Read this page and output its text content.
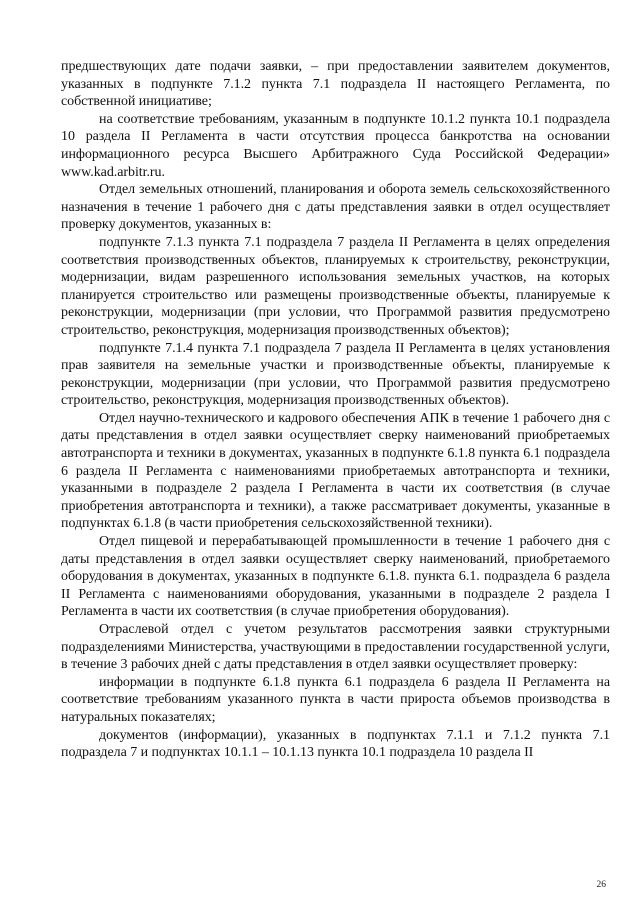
предшествующих дате подачи заявки, – при предоставлении заявителем документов, указанных в подпункте 7.1.2 пункта 7.1 подраздела II настоящего Регламента, по собственной инициативе;

на соответствие требованиям, указанным в подпункте 10.1.2 пункта 10.1 подраздела 10 раздела II Регламента в части отсутствия процесса банкротства на основании информационного ресурса Высшего Арбитражного Суда Российской Федерации» www.kad.arbitr.ru.

Отдел земельных отношений, планирования и оборота земель сельскохозяйственного назначения в течение 1 рабочего дня с даты представления заявки в отдел осуществляет проверку документов, указанных в:

подпункте 7.1.3 пункта 7.1 подраздела 7 раздела II Регламента в целях определения соответствия производственных объектов, планируемых к строительству, реконструкции, модернизации, видам разрешенного использования земельных участков, на которых планируется строительство или размещены производственные объекты, планируемые к реконструкции, модернизации (при условии, что Программой развития предусмотрено строительство, реконструкция, модернизация производственных объектов);

подпункте 7.1.4 пункта 7.1 подраздела 7 раздела II Регламента в целях установления прав заявителя на земельные участки и производственные объекты, планируемые к реконструкции, модернизации (при условии, что Программой развития предусмотрено строительство, реконструкция, модернизация производственных объектов).

Отдел научно-технического и кадрового обеспечения АПК в течение 1 рабочего дня с даты представления в отдел заявки осуществляет сверку наименований приобретаемых автотранспорта и техники в документах, указанных в подпункте 6.1.8 пункта 6.1 подраздела 6 раздела II Регламента с наименованиями приобретаемых автотранспорта и техники, указанными в подразделе 2 раздела I Регламента в части их соответствия (в случае приобретения автотранспорта и техники), а также рассматривает документы, указанные в подпунктах 6.1.8 (в части приобретения сельскохозяйственной техники).

Отдел пищевой и перерабатывающей промышленности в течение 1 рабочего дня с даты представления в отдел заявки осуществляет сверку наименований, приобретаемого оборудования в документах, указанных в подпункте 6.1.8. пункта 6.1. подраздела 6 раздела II Регламента с наименованиями оборудования, указанными в подразделе 2 раздела I Регламента в части их соответствия (в случае приобретения оборудования).

Отраслевой отдел с учетом результатов рассмотрения заявки структурными подразделениями Министерства, участвующими в предоставлении государственной услуги, в течение 3 рабочих дней с даты представления в отдел заявки осуществляет проверку:

информации в подпункте 6.1.8 пункта 6.1 подраздела 6 раздела II Регламента на соответствие требованиям указанного пункта в части прироста объемов производства в натуральных показателях;

документов (информации), указанных в подпунктах 7.1.1 и 7.1.2 пункта 7.1 подраздела 7 и подпунктах 10.1.1 – 10.1.13 пункта 10.1 подраздела 10 раздела II

26
